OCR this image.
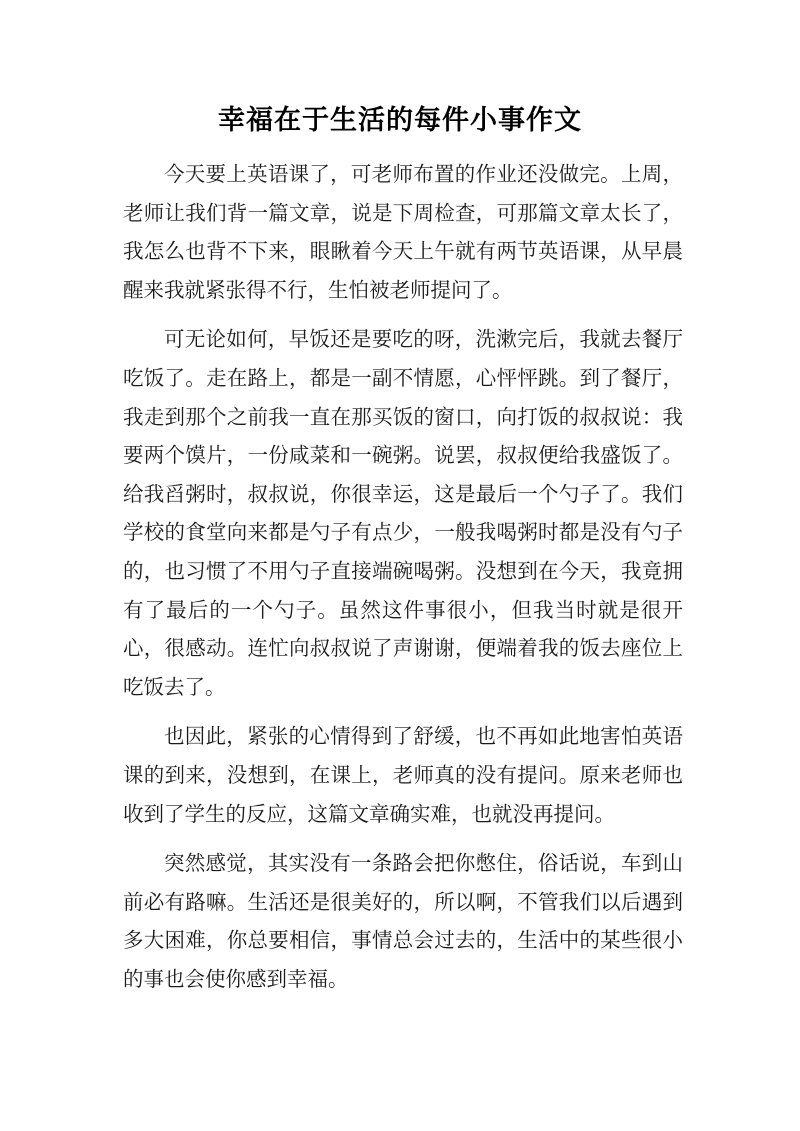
幸福在于生活的每件小事作文

今天要上英语课了，可老师布置的作业还没做完。上周，老师让我们背一篇文章，说是下周检查，可那篇文章太长了，我怎么也背不下来，眼瞅着今天上午就有两节英语课，从早晨醒来我就紧张得不行，生怕被老师提问了。

可无论如何，早饭还是要吃的呀，洗漱完后，我就去餐厅吃饭了。走在路上，都是一副不情愿，心怦怦跳。到了餐厅，我走到那个之前我一直在那买饭的窗口，向打饭的叔叔说：我要两个馍片，一份咸菜和一碗粥。说罢，叔叔便给我盛饭了。给我舀粥时，叔叔说，你很幸运，这是最后一个勺子了。我们学校的食堂向来都是勺子有点少，一般我喝粥时都是没有勺子的，也习惯了不用勺子直接端碗喝粥。没想到在今天，我竟拥有了最后的一个勺子。虽然这件事很小，但我当时就是很开心，很感动。连忙向叔叔说了声谢谢，便端着我的饭去座位上吃饭去了。

也因此，紧张的心情得到了舒缓，也不再如此地害怕英语课的到来，没想到，在课上，老师真的没有提问。原来老师也收到了学生的反应，这篇文章确实难，也就没再提问。

突然感觉，其实没有一条路会把你憋住，俗话说，车到山前必有路嘛。生活还是很美好的，所以啊，不管我们以后遇到多大困难，你总要相信，事情总会过去的，生活中的某些很小的事也会使你感到幸福。
